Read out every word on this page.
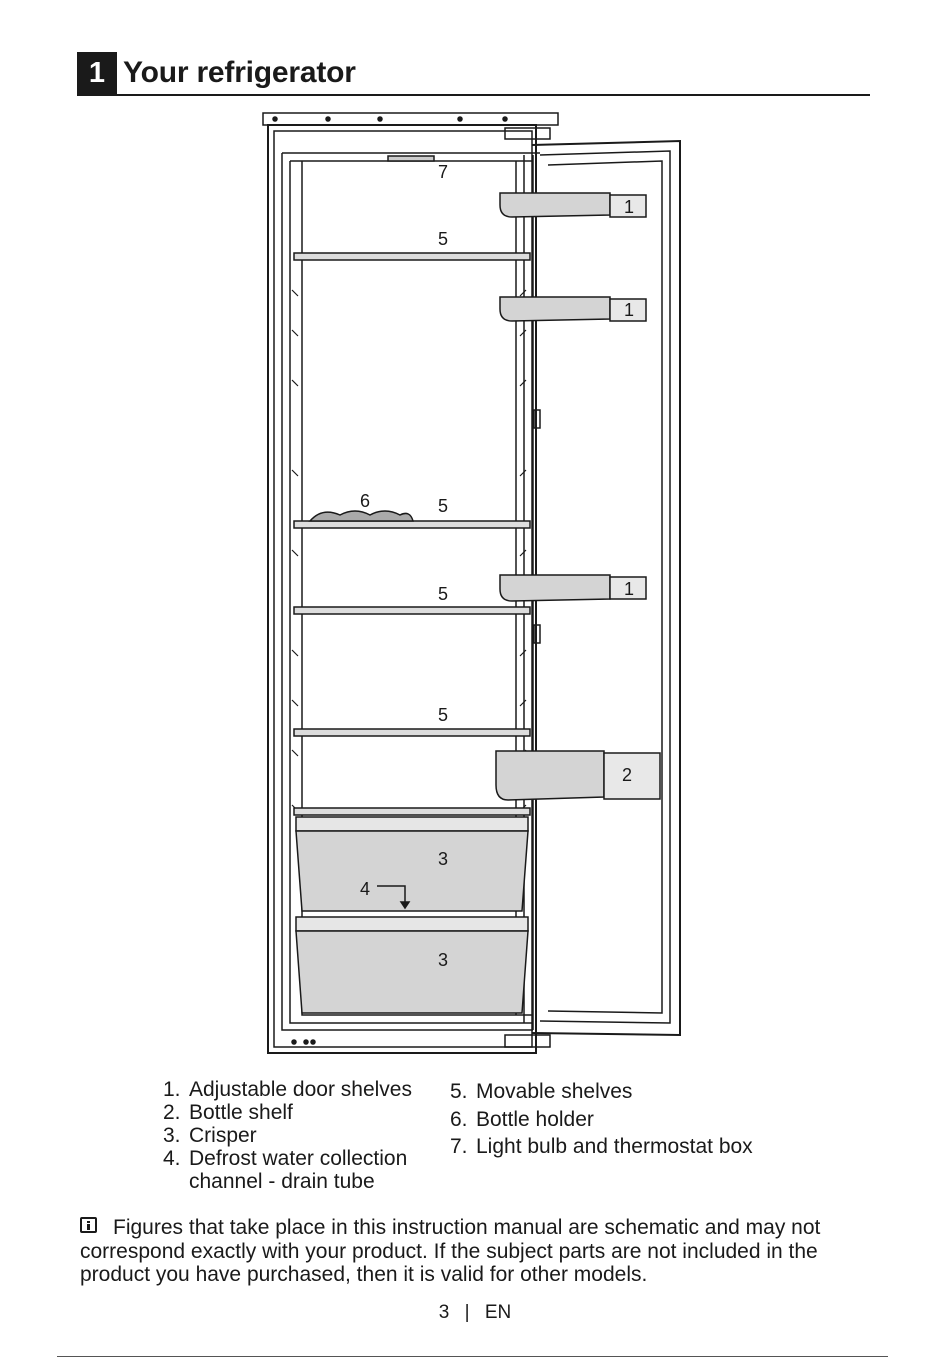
1 Your refrigerator
7
1
1
1
2
5
5
5
5
6
3
3
4
1. Adjustable door shelves
2. Bottle shelf
3. Crisper
4. Defrost water collection channel - drain tube
5. Movable shelves
6. Bottle holder
7. Light bulb and thermostat box
Figures that take place in this instruction manual are schematic and may not correspond exactly with your product. If the subject parts are not included in the product you have purchased, then it is valid for other models.
3 | EN
